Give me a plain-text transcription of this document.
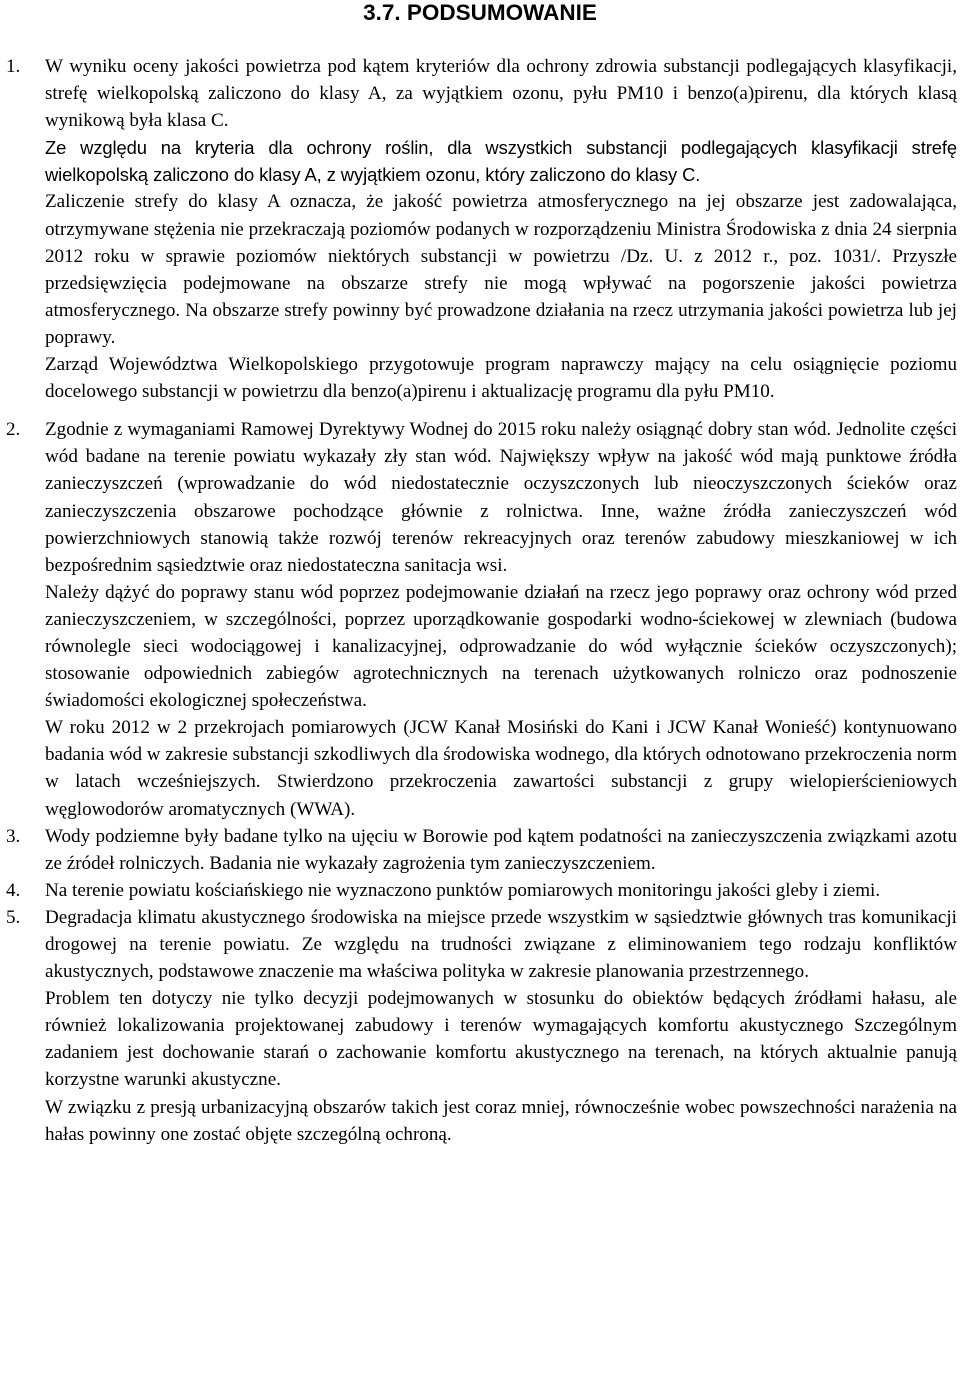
3.7. PODSUMOWANIE
1. W wyniku oceny jakości powietrza pod kątem kryteriów dla ochrony zdrowia substancji podlegających klasyfikacji, strefę wielkopolską zaliczono do klasy A, za wyjątkiem ozonu, pyłu PM10 i benzo(a)pirenu, dla których klasą wynikową była klasa C.

Ze względu na kryteria dla ochrony roślin, dla wszystkich substancji podlegających klasyfikacji strefę wielkopolską zaliczono do klasy A, z wyjątkiem ozonu, który zaliczono do klasy C.

Zaliczenie strefy do klasy A oznacza, że jakość powietrza atmosferycznego na jej obszarze jest zadowalająca, otrzymywane stężenia nie przekraczają poziomów podanych w rozporządzeniu Ministra Środowiska z dnia 24 sierpnia 2012 roku w sprawie poziomów niektórych substancji w powietrzu /Dz. U. z 2012 r., poz. 1031/. Przyszłe przedsięwzięcia podejmowane na obszarze strefy nie mogą wpływać na pogorszenie jakości powietrza atmosferycznego. Na obszarze strefy powinny być prowadzone działania na rzecz utrzymania jakości powietrza lub jej poprawy.

Zarząd Województwa Wielkopolskiego przygotowuje program naprawczy mający na celu osiągnięcie poziomu docelowego substancji w powietrzu dla benzo(a)pirenu i aktualizację programu dla pyłu PM10.

2. Zgodnie z wymaganiami Ramowej Dyrektywy Wodnej do 2015 roku należy osiągnąć dobry stan wód. Jednolite części wód badane na terenie powiatu wykazały zły stan wód. Największy wpływ na jakość wód mają punktowe źródła zanieczyszczeń (wprowadzanie do wód niedostatecznie oczyszczonych lub nieoczyszczonych ścieków oraz zanieczyszczenia obszarowe pochodzące głównie z rolnictwa. Inne, ważne źródła zanieczyszczeń wód powierzchniowych stanowią także rozwój terenów rekreacyjnych oraz terenów zabudowy mieszkaniowej w ich bezpośrednim sąsiedztwie oraz niedostateczna sanitacja wsi.

Należy dążyć do poprawy stanu wód poprzez podejmowanie działań na rzecz jego poprawy oraz ochrony wód przed zanieczyszczeniem, w szczególności, poprzez uporządkowanie gospodarki wodno-ściekowej w zlewniach (budowa równolegle sieci wodociągowej i kanalizacyjnej, odprowadzanie do wód wyłącznie ścieków oczyszczonych); stosowanie odpowiednich zabiegów agrotechnicznych na terenach użytkowanych rolniczo oraz podnoszenie świadomości ekologicznej społeczeństwa.

W roku 2012 w 2 przekrojach pomiarowych (JCW Kanał Mosiński do Kani i JCW Kanał Wonieść) kontynuowano badania wód w zakresie substancji szkodliwych dla środowiska wodnego, dla których odnotowano przekroczenia norm w latach wcześniejszych. Stwierdzono przekroczenia zawartości substancji z grupy wielopierścieniowych węglowodorów aromatycznych (WWA).

3. Wody podziemne były badane tylko na ujęciu w Borowie pod kątem podatności na zanieczyszczenia związkami azotu ze źródeł rolniczych. Badania nie wykazały zagrożenia tym zanieczyszczeniem.

4. Na terenie powiatu kościańskiego nie wyznaczono punktów pomiarowych monitoringu jakości gleby i ziemi.

5. Degradacja klimatu akustycznego środowiska na miejsce przede wszystkim w sąsiedztwie głównych tras komunikacji drogowej na terenie powiatu. Ze względu na trudności związane z eliminowaniem tego rodzaju konfliktów akustycznych, podstawowe znaczenie ma właściwa polityka w zakresie planowania przestrzennego.

Problem ten dotyczy nie tylko decyzji podejmowanych w stosunku do obiektów będących źródłami hałasu, ale również lokalizowania projektowanej zabudowy i terenów wymagających komfortu akustycznego Szczególnym zadaniem jest dochowanie starań o zachowanie komfortu akustycznego na terenach, na których aktualnie panują korzystne warunki akustyczne.

W związku z presją urbanizacyjną obszarów takich jest coraz mniej, równocześnie wobec powszechności narażenia na hałas powinny one zostać objęte szczególną ochroną.
